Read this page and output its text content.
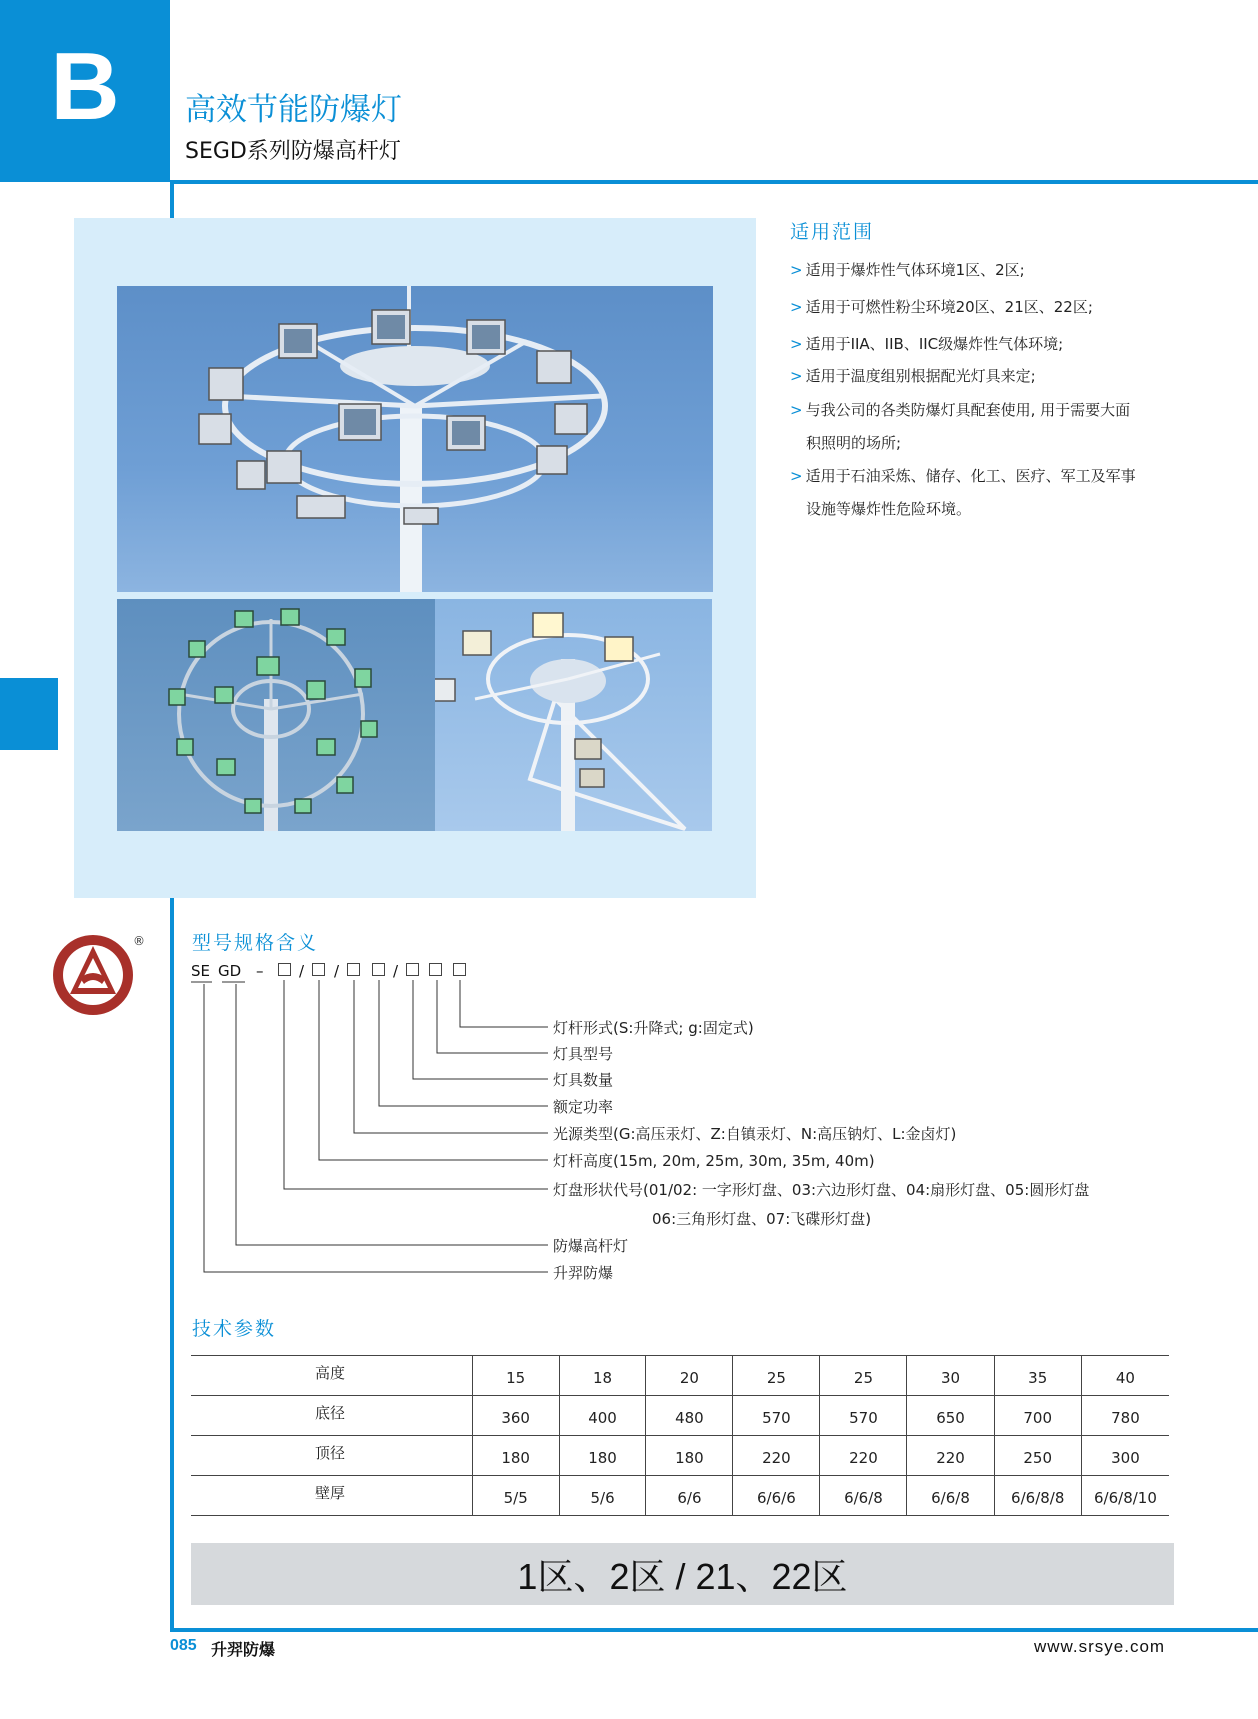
B 高效节能防爆灯
SEGD系列防爆高杆灯
适用范围
> 适用于爆炸性气体环境1区、2区;
> 适用于可燃性粉尘环境20区、21区、22区;
> 适用于IIA、IIB、IIC级爆炸性气体环境;
> 适用于温度组别根据配光灯具来定;
> 与我公司的各类防爆灯具配套使用, 用于需要大面
积照明的场所;
> 适用于石油采炼、储存、化工、医疗、军工及军事
设施等爆炸性危险环境。
® 型号规格含义
SE GD – / /	/
灯杆形式(S:升降式; g:固定式)
灯具型号
灯具数量
额定功率
光源类型(G:高压汞灯、Z:自镇汞灯、N:高压钠灯、L:金卤灯)
灯杆高度(15m, 20m, 25m, 30m, 35m, 40m)
灯盘形状代号(01/02: 一字形灯盘、03:六边形灯盘、04:扇形灯盘、05:圆形灯盘
06:三角形灯盘、07:飞碟形灯盘)
防爆高杆灯
升羿防爆
技术参数
高度	15	18	20	25	25	30	35	40
底径	360	400	480	570	570	650	700	780
顶径	180	180	180	220	220	220	250	300
壁厚	5/5	5/6	6/6	6/6/6	6/6/8	6/6/8	6/6/8/8	6/6/8/10
1区、2区 / 21、22区
085 升羿防爆	www.srsye.com
